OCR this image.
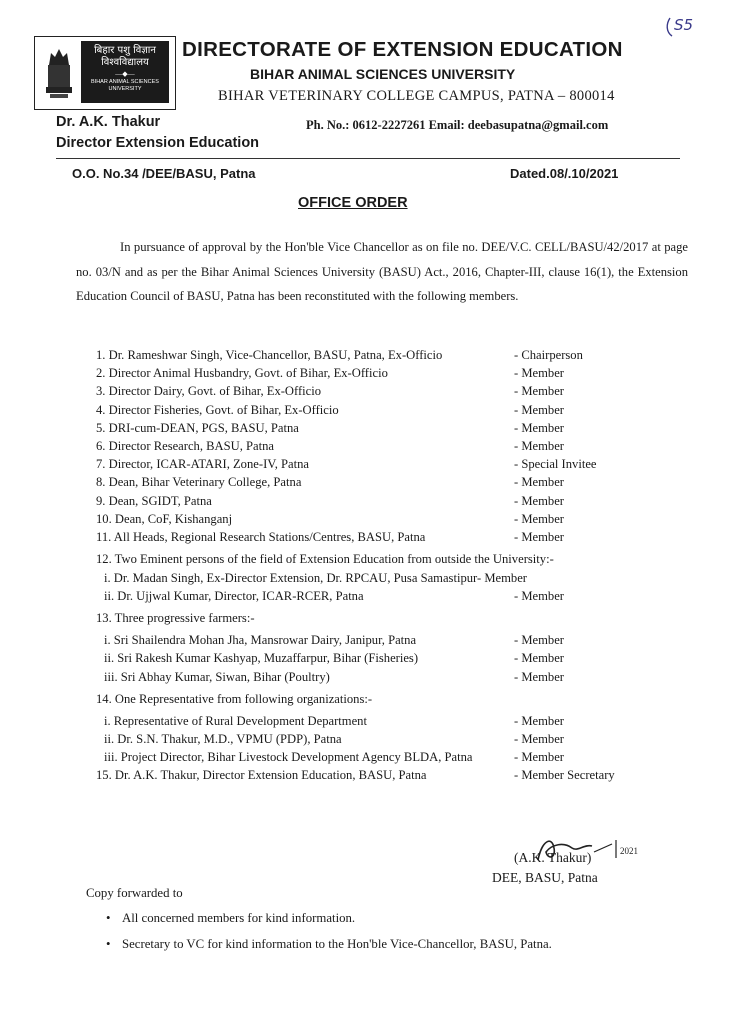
S5
बिहार पशु विज्ञान
विश्वविद्यालय
—◆—
BIHAR ANIMAL SCIENCES UNIVERSITY
DIRECTORATE OF EXTENSION EDUCATION
BIHAR ANIMAL SCIENCES UNIVERSITY
BIHAR VETERINARY COLLEGE CAMPUS, PATNA – 800014
Dr. A.K. Thakur
Director Extension Education
Ph. No.: 0612-2227261 Email: deebasupatna@gmail.com
O.O. No.34 /DEE/BASU, Patna	Dated.08/.10/2021
OFFICE ORDER

In pursuance of approval by the Hon'ble Vice Chancellor as on file no. DEE/V.C. CELL/BASU/42/2017 at page no. 03/N and as per the Bihar Animal Sciences University (BASU) Act., 2016, Chapter-III, clause 16(1), the Extension Education Council of BASU, Patna has been reconstituted with the following members.

1. Dr. Rameshwar Singh, Vice-Chancellor, BASU, Patna, Ex-Officio	- Chairperson
2. Director Animal Husbandry, Govt. of Bihar, Ex-Officio	- Member
3. Director Dairy, Govt. of Bihar, Ex-Officio	- Member
4. Director Fisheries, Govt. of Bihar, Ex-Officio	- Member
5. DRI-cum-DEAN, PGS, BASU, Patna	- Member
6. Director Research, BASU, Patna	- Member
7. Director, ICAR-ATARI, Zone-IV, Patna	- Special Invitee
8. Dean, Bihar Veterinary College, Patna	- Member
9. Dean, SGIDT, Patna	- Member
10. Dean, CoF, Kishanganj	- Member
11. All Heads, Regional Research Stations/Centres, BASU, Patna	- Member
12. Two Eminent persons of the field of Extension Education from outside the University:-
i. Dr. Madan Singh, Ex-Director Extension, Dr. RPCAU, Pusa Samastipur- Member
ii. Dr. Ujjwal Kumar, Director, ICAR-RCER, Patna	- Member
13. Three progressive farmers:-
i. Sri Shailendra Mohan Jha, Mansrowar Dairy, Janipur, Patna	- Member
ii. Sri Rakesh Kumar Kashyap, Muzaffarpur, Bihar (Fisheries)	- Member
iii. Sri Abhay Kumar, Siwan, Bihar (Poultry)	- Member
14. One Representative from following organizations:-
i. Representative of Rural Development Department	- Member
ii. Dr. S.N. Thakur, M.D., VPMU (PDP), Patna	- Member
iii. Project Director, Bihar Livestock Development Agency BLDA, Patna	- Member
15. Dr. A.K. Thakur, Director Extension Education, BASU, Patna	- Member Secretary
2021
(A.K. Thakur)
DEE, BASU, Patna
Copy forwarded to
• All concerned members for kind information.
• Secretary to VC for kind information to the Hon'ble Vice-Chancellor, BASU, Patna.
